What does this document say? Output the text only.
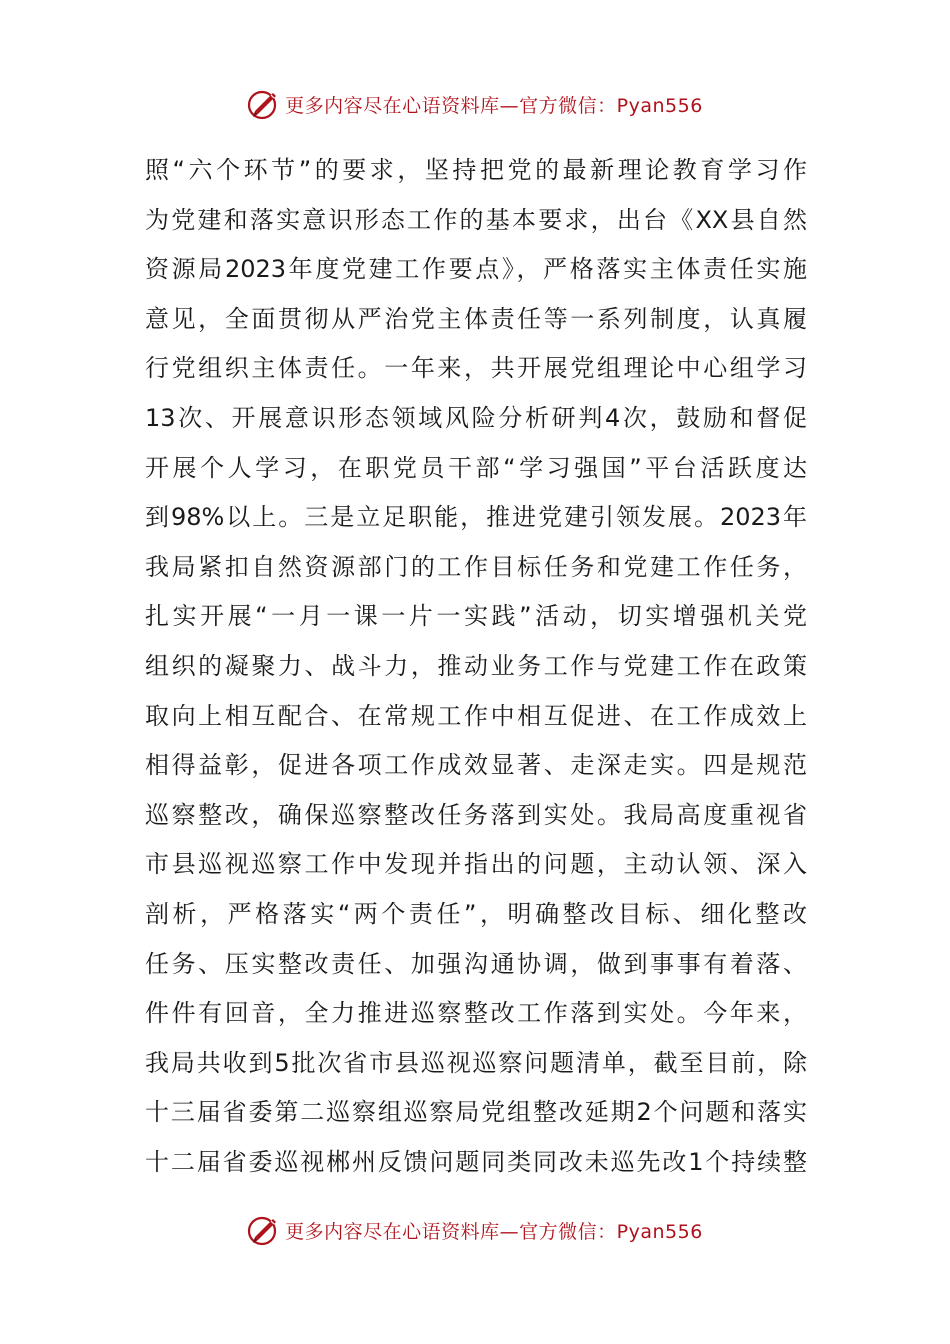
更多内容尽在心语资料库—官方微信：Pyan556
照“六个环节”的要求，坚持把党的最新理论教育学习作
为党建和落实意识形态工作的基本要求，出台《XX县自然
资源局2023年度党建工作要点》，严格落实主体责任实施
意见，全面贯彻从严治党主体责任等一系列制度，认真履
行党组织主体责任。一年来，共开展党组理论中心组学习
13次、开展意识形态领域风险分析研判4次，鼓励和督促
开展个人学习，在职党员干部“学习强国”平台活跃度达
到98%以上。三是立足职能，推进党建引领发展。2023年
我局紧扣自然资源部门的工作目标任务和党建工作任务，
扎实开展“一月一课一片一实践”活动，切实增强机关党
组织的凝聚力、战斗力，推动业务工作与党建工作在政策
取向上相互配合、在常规工作中相互促进、在工作成效上
相得益彰，促进各项工作成效显著、走深走实。四是规范
巡察整改，确保巡察整改任务落到实处。我局高度重视省
市县巡视巡察工作中发现并指出的问题，主动认领、深入
剖析，严格落实“两个责任”，明确整改目标、细化整改
任务、压实整改责任、加强沟通协调，做到事事有着落、
件件有回音，全力推进巡察整改工作落到实处。今年来，
我局共收到5批次省市县巡视巡察问题清单，截至目前，除
十三届省委第二巡察组巡察局党组整改延期2个问题和落实
十二届省委巡视郴州反馈问题同类同改未巡先改1个持续整
更多内容尽在心语资料库—官方微信：Pyan556
